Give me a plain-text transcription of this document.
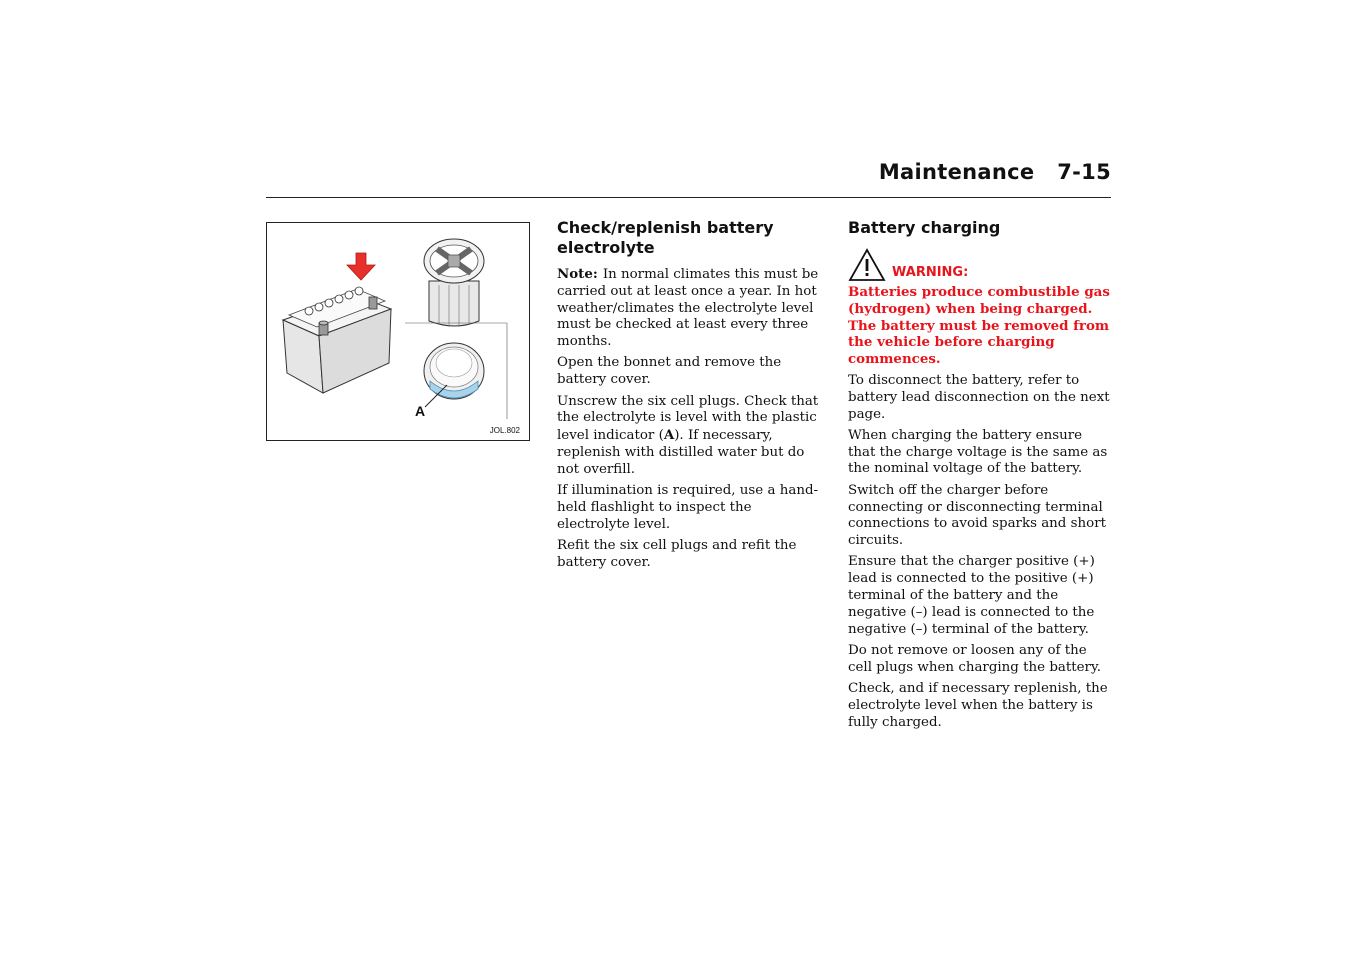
Maintenance   7-15
A
JOL.802
Check/replenish battery electrolyte

Note: In normal climates this must be carried out at least once a year. In hot weather/climates the electrolyte level must be checked at least every three months.

Open the bonnet and remove the battery cover.

Unscrew the six cell plugs. Check that the electrolyte is level with the plastic level indicator (A). If necessary, replenish with distilled water but do not overfill.

If illumination is required, use a hand-held flashlight to inspect the electrolyte level.

Refit the six cell plugs and refit the battery cover.

Battery charging
WARNING:

Batteries produce combustible gas (hydrogen) when being charged. The battery must be removed from the vehicle before charging commences.

To disconnect the battery, refer to battery lead disconnection on the next page.

When charging the battery ensure that the charge voltage is the same as the nominal voltage of the battery.

Switch off the charger before connecting or disconnecting terminal connections to avoid sparks and short circuits.

Ensure that the charger positive (+) lead is connected to the positive (+) terminal of the battery and the negative (–) lead is connected to the negative (–) terminal of the battery.

Do not remove or loosen any of the cell plugs when charging the battery.

Check, and if necessary replenish, the electrolyte level when the battery is fully charged.
